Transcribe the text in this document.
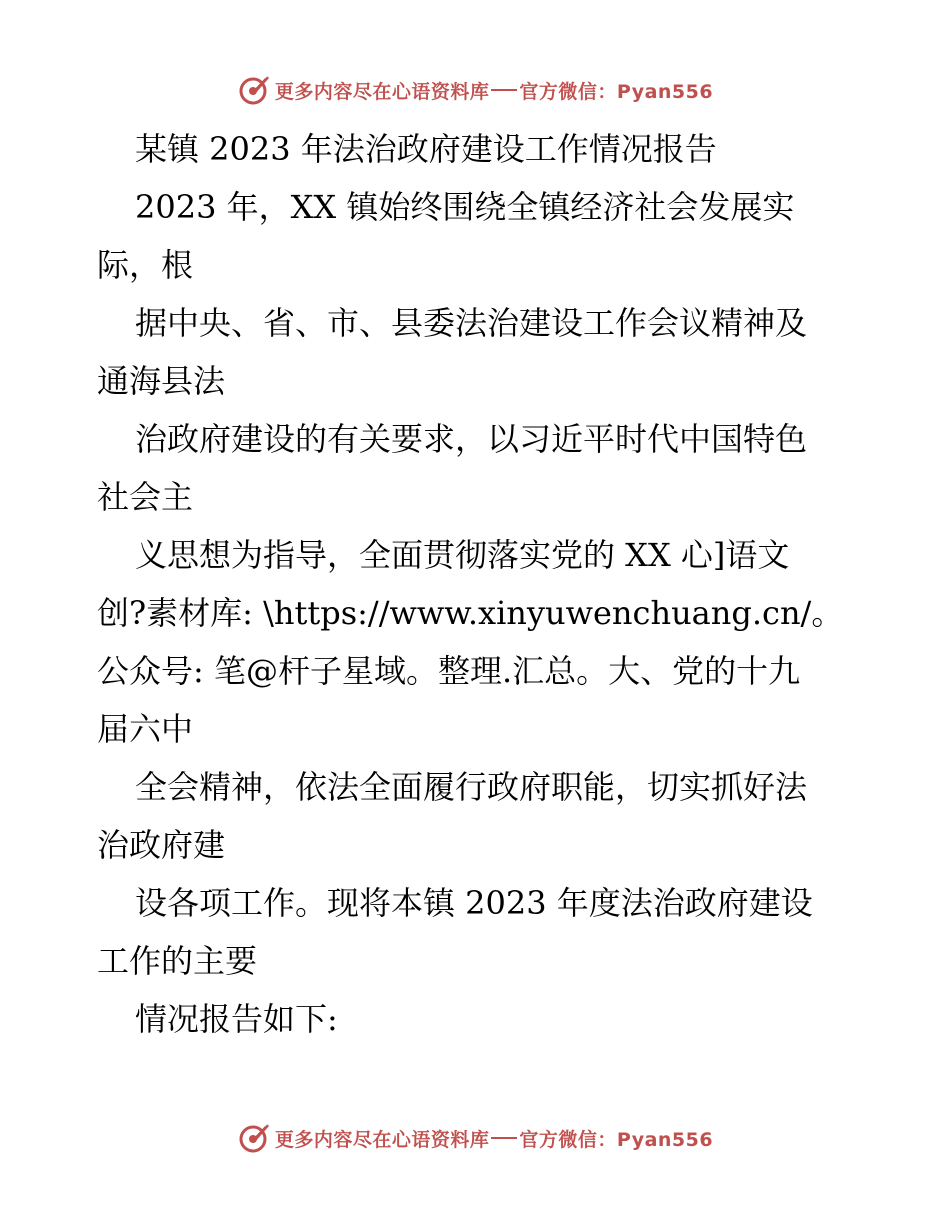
更多内容尽在心语资料库 官方微信：Pyan556
某镇 2023 年法治政府建设工作情况报告
2023 年，XX 镇始终围绕全镇经济社会发展实
际，根
据中央、省、市、县委法治建设工作会议精神及
通海县法
治政府建设的有关要求，以习近平时代中国特色
社会主
义思想为指导，全面贯彻落实党的 XX 心]语文
创?素材库: \https://www.xinyuwenchuang.cn/。
公众号: 笔@杆子星域。整理.汇总。大、党的十九
届六中
全会精神，依法全面履行政府职能，切实抓好法
治政府建
设各项工作。现将本镇 2023 年度法治政府建设
工作的主要
情况报告如下:
更多内容尽在心语资料库 官方微信：Pyan556
